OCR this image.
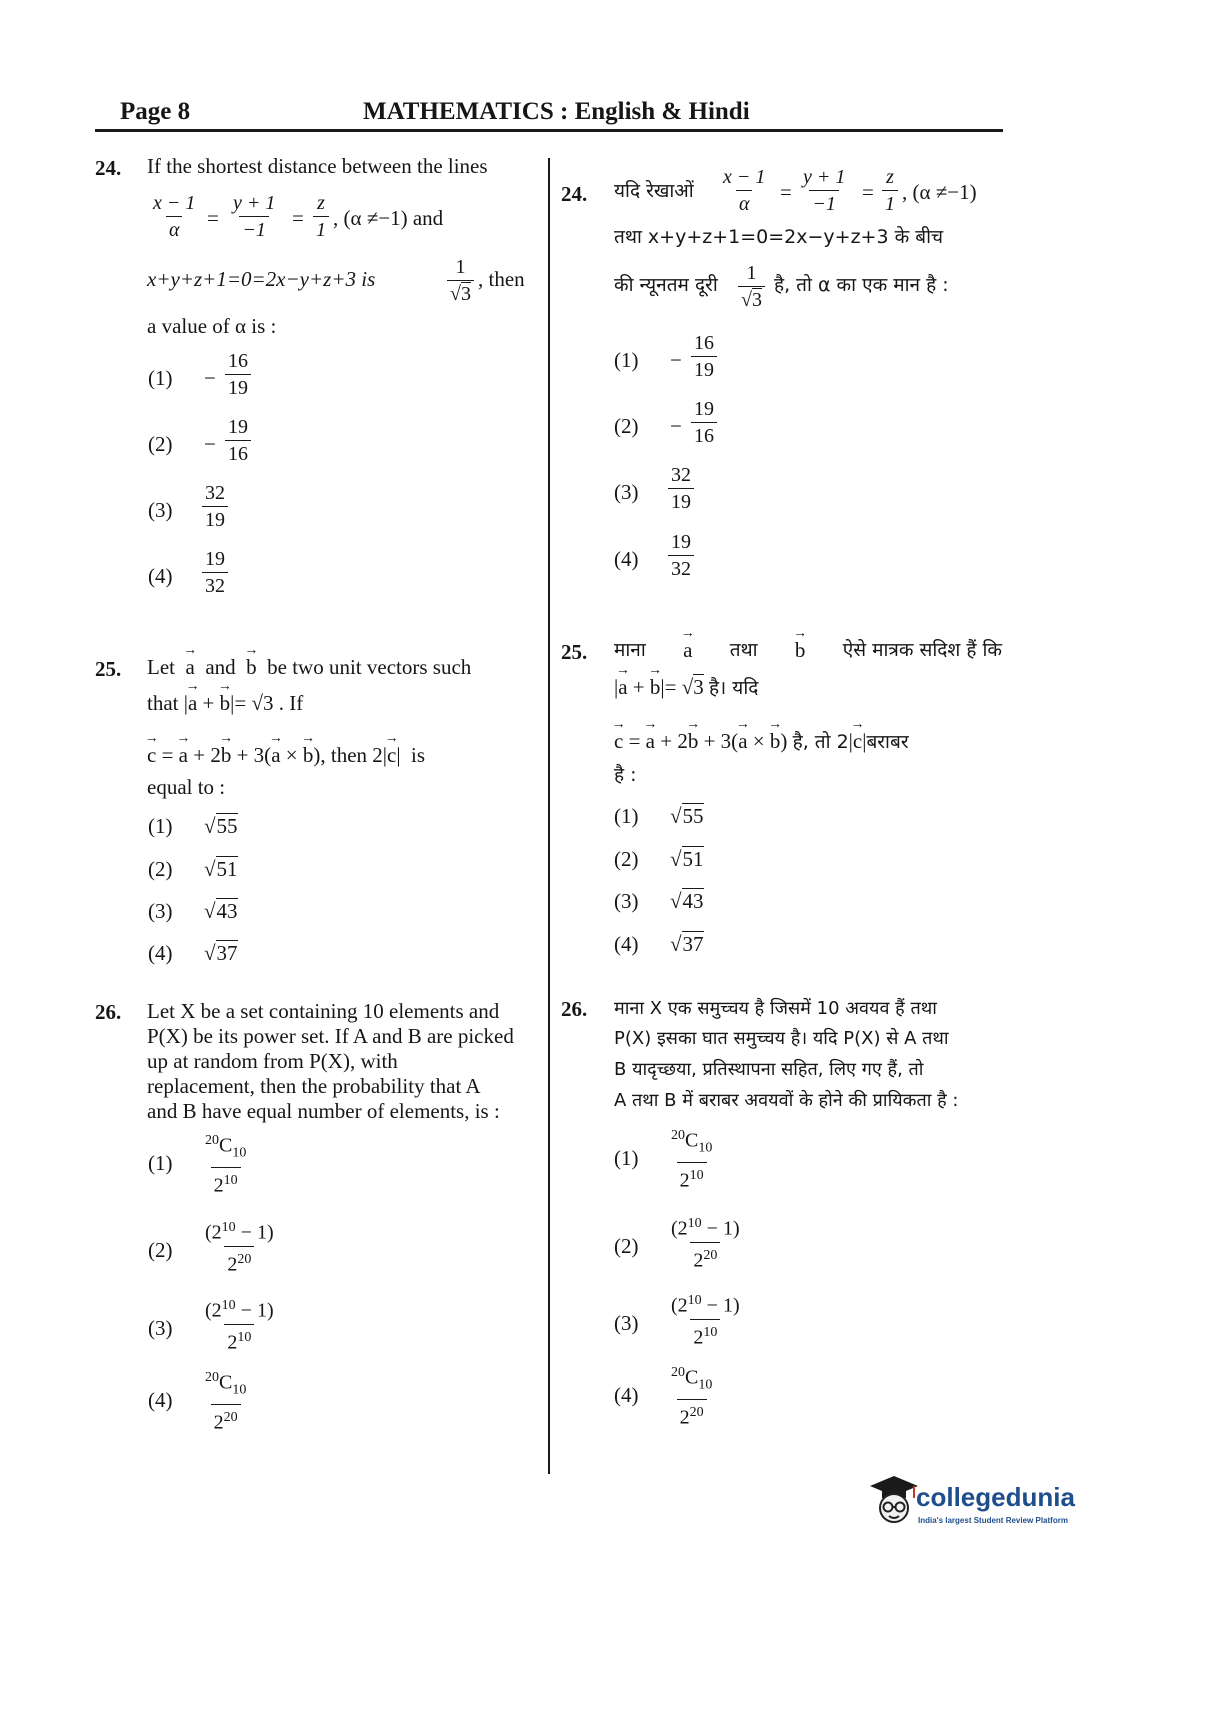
Page 8	MATHEMATICS : English & Hindi
24. If the shortest distance between the lines
$\frac{x - 1}{\alpha} = \frac{y + 1}{-1} = \frac{z}{1}$ , (α ≠−1) and
x+y+z+1=0=2x−y+z+3 is	$\frac{1}{√3}$ , then
a value of α is :
$(1) - \frac{16}{19}$
$(2) - \frac{19}{16}$
$(3) \frac{32}{19}$
$(4) \frac{19}{32}$
25. Let → a and → b be two unit vectors such
that |→ a + → b|= √3 . If
→ c = → a + 2→ b + 3(→ a × → b), then 2|→ c|  is
equal to :
(1) √55
(2) √51
(3) √43
(4) √37
26. Let X be a set containing 10 elements and
P(X) be its power set. If A and B are picked
up at random from P(X), with
replacement, then the probability that A
and B have equal number of elements, is :
$(1) \frac{^{20}C_{10}}{2^{10}}$
$(2) \frac{(2^{10} - 1)}{2^{20}}$
$(3) \frac{(2^{10} - 1)}{2^{10}}$
$(4) \frac{^{20}C_{10}}{2^{20}}$
24. यदि रेखाओं $\frac{x - 1}{\alpha} = \frac{y + 1}{-1} = \frac{z}{1}$ , (α ≠−1)
तथा x+y+z+1=0=2x−y+z+3 के बीच
की न्यूनतम दूरी $\frac{1}{√3}$ है, तो α का एक मान है :
$(1) - \frac{16}{19}$
$(2) - \frac{19}{16}$
$(3) \frac{32}{19}$
$(4) \frac{19}{32}$
25. माना → a तथा → b ऐसे मात्रक सदिश हैं कि
|→ a + → b|= √3 है। यदि
→ c = → a + 2→ b + 3(→ a × → b) है, तो 2|→ c|बराबर
है :
(1) √55
(2) √51
(3) √43
(4) √37
26. माना X एक समुच्चय है जिसमें 10 अवयव हैं तथा
P(X) इसका घात समुच्चय है। यदि P(X) से A तथा
B यादृच्छया, प्रतिस्थापना सहित, लिए गए हैं, तो
A तथा B में बराबर अवयवों के होने की प्रायिकता है :
$(1) \frac{^{20}C_{10}}{2^{10}}$
$(2) \frac{(2^{10} - 1)}{2^{20}}$
$(3) \frac{(2^{10} - 1)}{2^{10}}$
$(4) \frac{^{20}C_{10}}{2^{20}}$
collegedunia
India's largest Student Review Platform
